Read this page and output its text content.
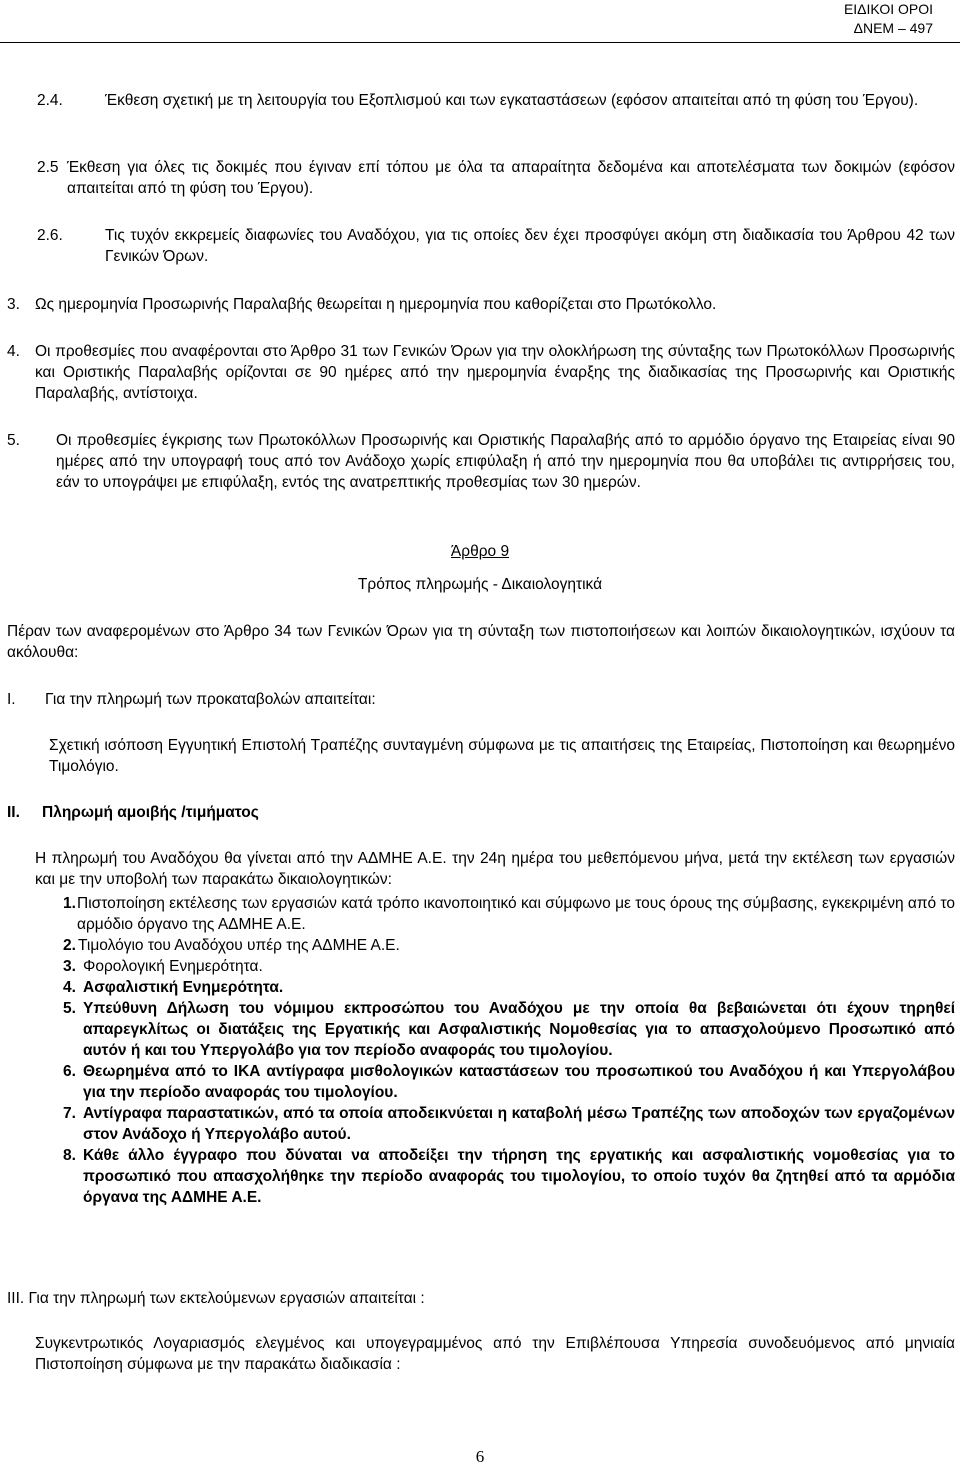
ΕΙΔΙΚΟΙ ΟΡΟΙ
ΔΝΕΜ – 497
2.4.	Έκθεση σχετική με τη λειτουργία του Εξοπλισμού και των εγκαταστάσεων (εφόσον απαιτείται από τη φύση του Έργου).
2.5 Έκθεση για όλες τις δοκιμές που έγιναν επί τόπου με όλα τα απαραίτητα δεδομένα και αποτελέσματα των δοκιμών (εφόσον απαιτείται από τη φύση του Έργου).
2.6.	Τις τυχόν εκκρεμείς διαφωνίες του Αναδόχου, για τις οποίες δεν έχει προσφύγει ακόμη στη διαδικασία του Άρθρου 42 των Γενικών Όρων.
3. Ως ημερομηνία Προσωρινής Παραλαβής θεωρείται η ημερομηνία που καθορίζεται στο Πρωτόκολλο.
4. Οι προθεσμίες που αναφέρονται στο Άρθρο 31 των Γενικών Όρων για την ολοκλήρωση της σύνταξης των Πρωτοκόλλων Προσωρινής και Οριστικής Παραλαβής ορίζονται σε 90 ημέρες από την ημερομηνία έναρξης της διαδικασίας της Προσωρινής και Οριστικής Παραλαβής, αντίστοιχα.
5. Οι προθεσμίες έγκρισης των Πρωτοκόλλων Προσωρινής και Οριστικής Παραλαβής από το αρμόδιο όργανο της Εταιρείας είναι 90 ημέρες από την υπογραφή τους από τον Ανάδοχο χωρίς επιφύλαξη ή από την ημερομηνία που θα υποβάλει τις αντιρρήσεις του, εάν το υπογράψει με επιφύλαξη, εντός της ανατρεπτικής προθεσμίας των 30 ημερών.
Άρθρο 9
Τρόπος πληρωμής - Δικαιολογητικά
Πέραν των αναφερομένων στο Άρθρο 34 των Γενικών Όρων για τη σύνταξη των πιστοποιήσεων και λοιπών δικαιολογητικών, ισχύουν τα ακόλουθα:
I. Για την πληρωμή των προκαταβολών απαιτείται:
Σχετική ισόποση Εγγυητική Επιστολή Τραπέζης συνταγμένη σύμφωνα με τις απαιτήσεις της Εταιρείας, Πιστοποίηση και θεωρημένο Τιμολόγιο.
II. Πληρωμή αμοιβής /τιμήματος
Η πληρωμή του Αναδόχου θα γίνεται από την ΑΔΜΗΕ Α.Ε. την 24η ημέρα του μεθεπόμενου μήνα, μετά την εκτέλεση των εργασιών και με την υποβολή των παρακάτω δικαιολογητικών:
1. Πιστοποίηση εκτέλεσης των εργασιών κατά τρόπο ικανοποιητικό και σύμφωνο με τους όρους της σύμβασης, εγκεκριμένη από το αρμόδιο όργανο της ΑΔΜΗΕ Α.Ε.
2. Τιμολόγιο του Αναδόχου υπέρ της ΑΔΜΗΕ Α.Ε.
3. Φορολογική Ενημερότητα.
4. Ασφαλιστική Ενημερότητα.
5. Υπεύθυνη Δήλωση του νόμιμου εκπροσώπου του Αναδόχου με την οποία θα βεβαιώνεται ότι έχουν τηρηθεί απαρεγκλίτως οι διατάξεις της Εργατικής και Ασφαλιστικής Νομοθεσίας για το απασχολούμενο Προσωπικό από αυτόν ή και του Υπεργολάβο για τον περίοδο αναφοράς του τιμολογίου.
6. Θεωρημένα από το ΙΚΑ αντίγραφα μισθολογικών καταστάσεων του προσωπικού του Αναδόχου ή και Υπεργολάβου για την περίοδο αναφοράς του τιμολογίου.
7. Αντίγραφα παραστατικών, από τα οποία αποδεικνύεται η καταβολή μέσω Τραπέζης των αποδοχών των εργαζομένων στον Ανάδοχο ή Υπεργολάβο αυτού.
8. Κάθε άλλο έγγραφο που δύναται να αποδείξει την τήρηση της εργατικής και ασφαλιστικής νομοθεσίας για το προσωπικό που απασχολήθηκε την περίοδο αναφοράς του τιμολογίου, το οποίο τυχόν θα ζητηθεί από τα αρμόδια όργανα της ΑΔΜΗΕ Α.Ε.
III. Για την πληρωμή των εκτελούμενων εργασιών απαιτείται :
Συγκεντρωτικός Λογαριασμός ελεγμένος και υπογεγραμμένος από την Επιβλέπουσα Υπηρεσία συνοδευόμενος από μηνιαία Πιστοποίηση σύμφωνα με την παρακάτω διαδικασία :
6
